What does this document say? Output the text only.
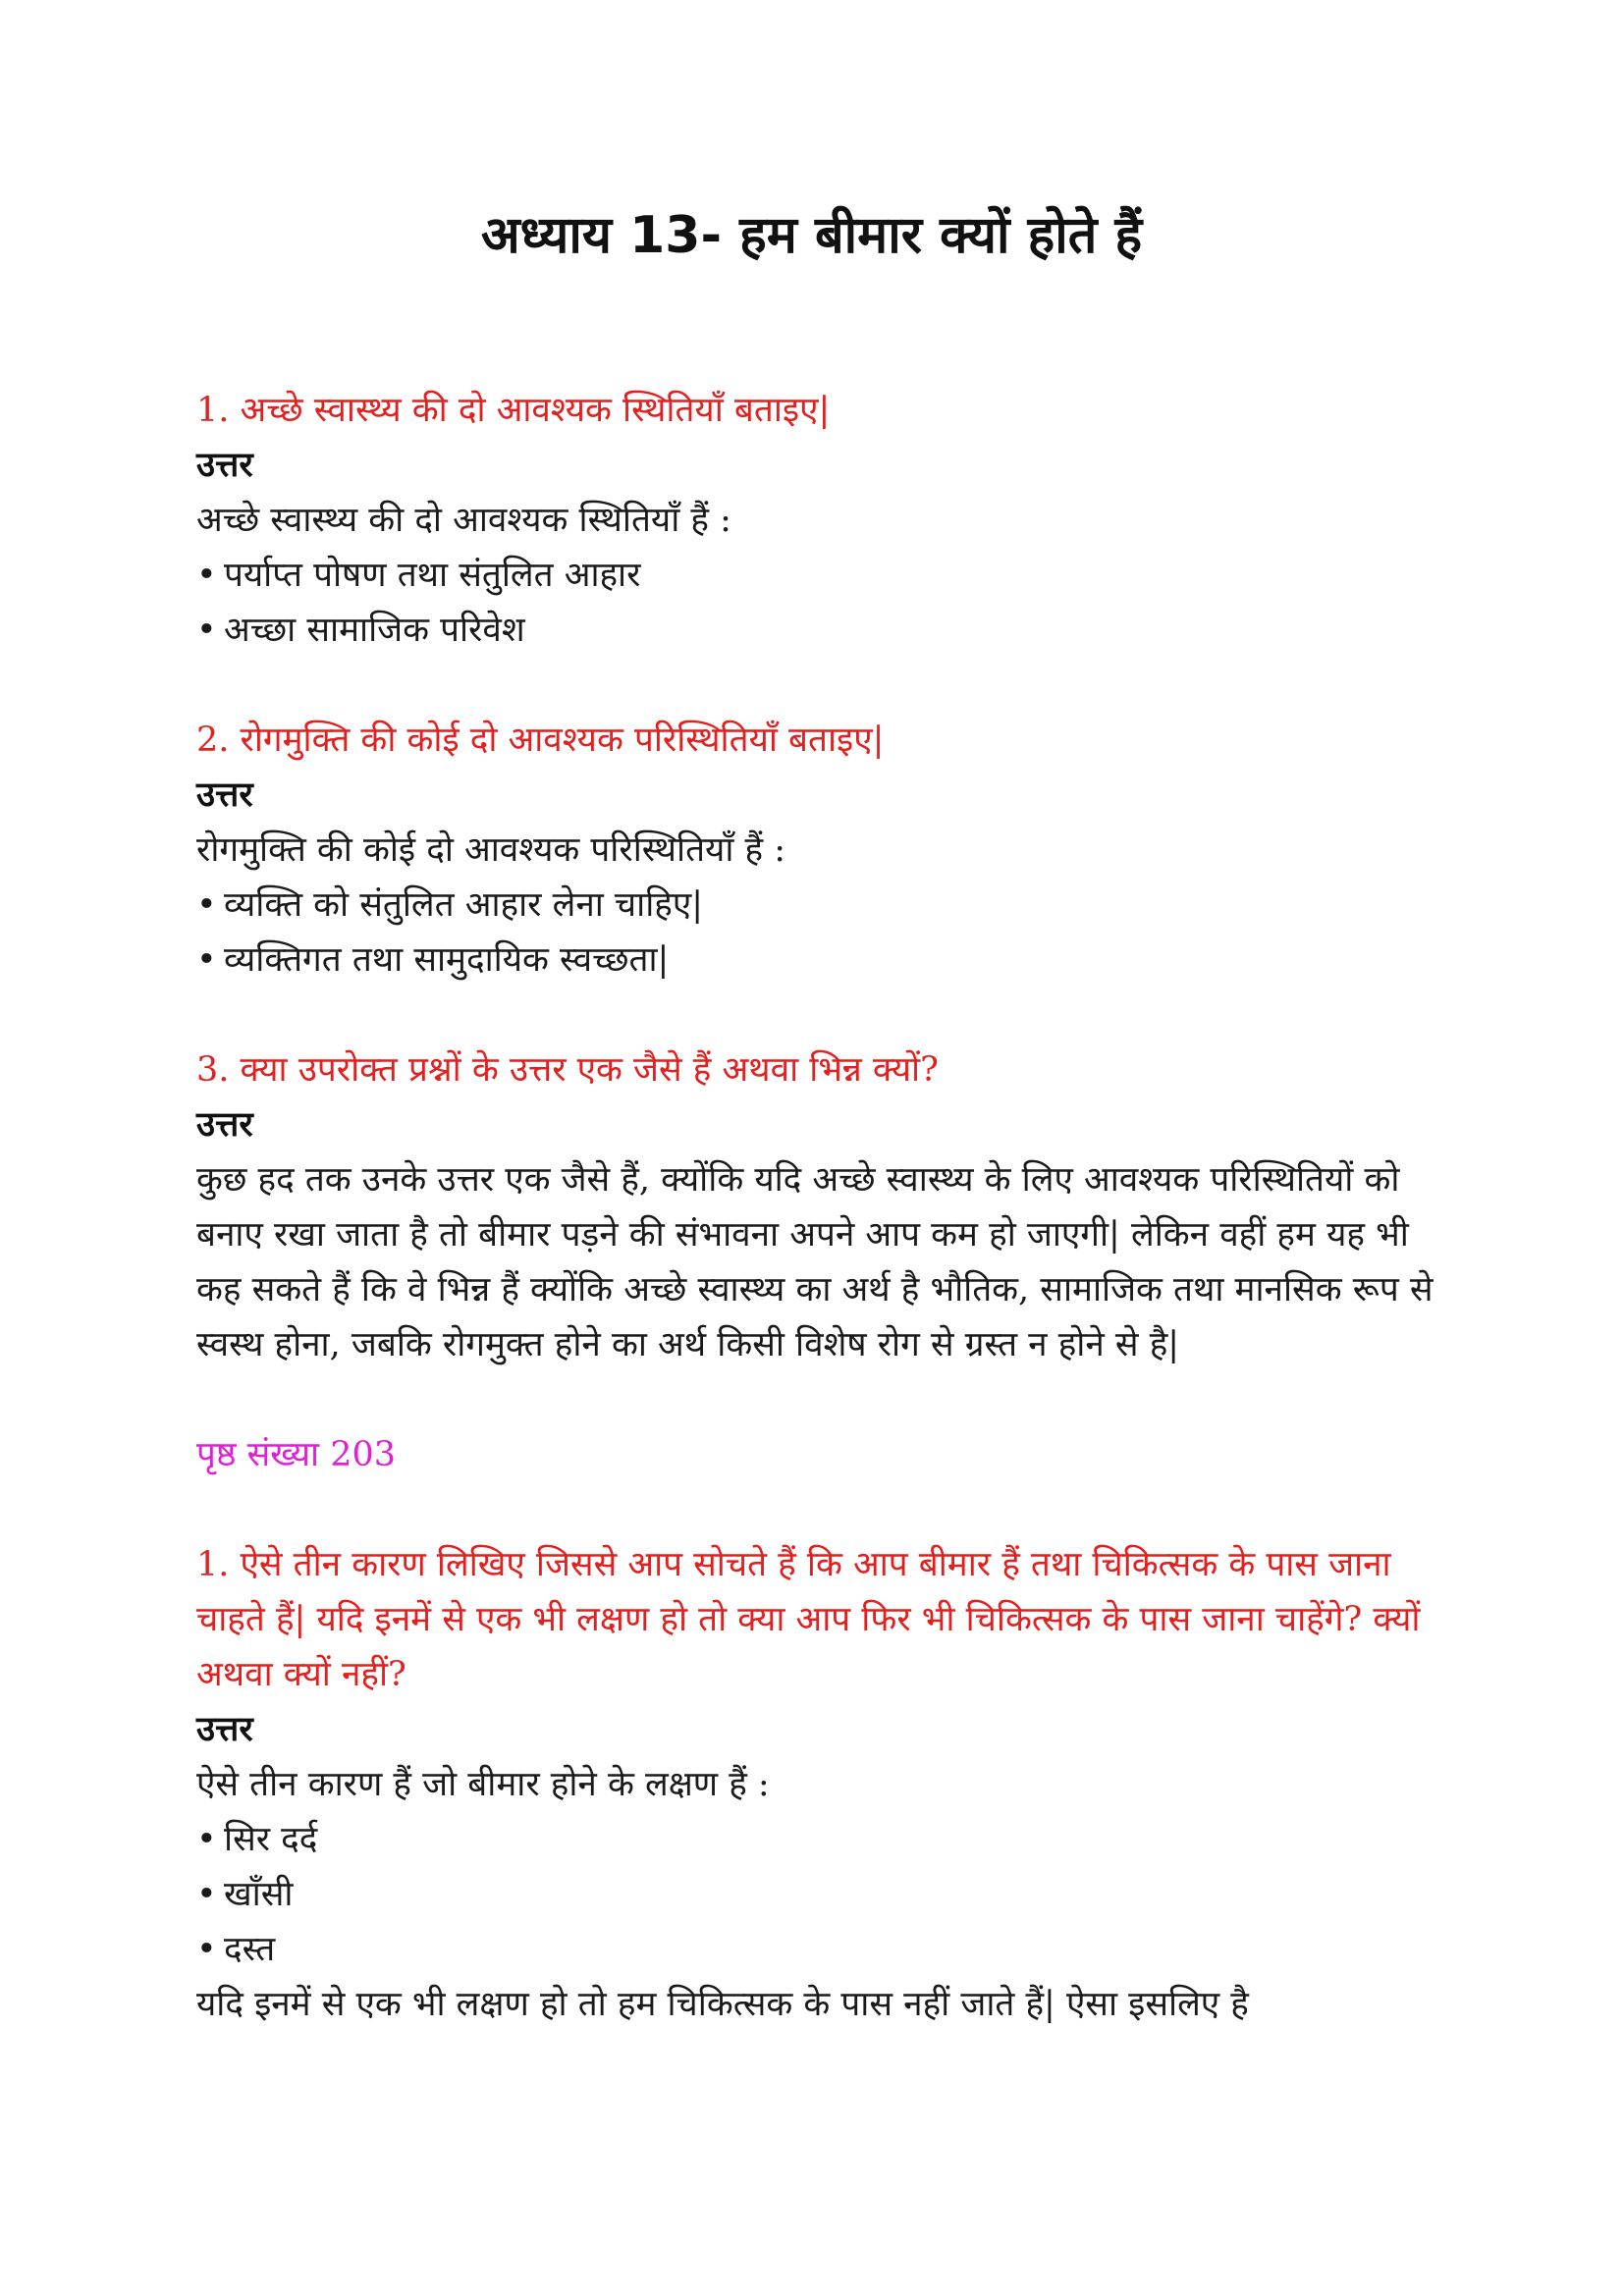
अध्याय 13- हम बीमार क्यों होते हैं

1. अच्छे स्वास्थ्य की दो आवश्यक स्थितियाँ बताइए|

उत्तर

अच्छे स्वास्थ्य की दो आवश्यक स्थितियाँ हैं :

• पर्याप्त पोषण तथा संतुलित आहार
• अच्छा सामाजिक परिवेश

2. रोगमुक्ति की कोई दो आवश्यक परिस्थितियाँ बताइए|

उत्तर

रोगमुक्ति की कोई दो आवश्यक परिस्थितियाँ हैं :

• व्यक्ति को संतुलित आहार लेना चाहिए|
• व्यक्तिगत तथा सामुदायिक स्वच्छता|

3. क्या उपरोक्त प्रश्नों के उत्तर एक जैसे हैं अथवा भिन्न क्यों?

उत्तर

कुछ हद तक उनके उत्तर एक जैसे हैं, क्योंकि यदि अच्छे स्वास्थ्य के लिए आवश्यक परिस्थितियों को बनाए रखा जाता है तो बीमार पड़ने की संभावना अपने आप कम हो जाएगी| लेकिन वहीं हम यह भी कह सकते हैं कि वे भिन्न हैं क्योंकि अच्छे स्वास्थ्य का अर्थ है भौतिक, सामाजिक तथा मानसिक रूप से स्वस्थ होना, जबकि रोगमुक्त होने का अर्थ किसी विशेष रोग से ग्रस्त न होने से है|

पृष्ठ संख्या 203

1. ऐसे तीन कारण लिखिए जिससे आप सोचते हैं कि आप बीमार हैं तथा चिकित्सक के पास जाना चाहते हैं| यदि इनमें से एक भी लक्षण हो तो क्या आप फिर भी चिकित्सक के पास जाना चाहेंगे? क्यों अथवा क्यों नहीं?

उत्तर

ऐसे तीन कारण हैं जो बीमार होने के लक्षण हैं :

• सिर दर्द
• खाँसी
• दस्त

यदि इनमें से एक भी लक्षण हो तो हम चिकित्सक के पास नहीं जाते हैं| ऐसा इसलिए है
